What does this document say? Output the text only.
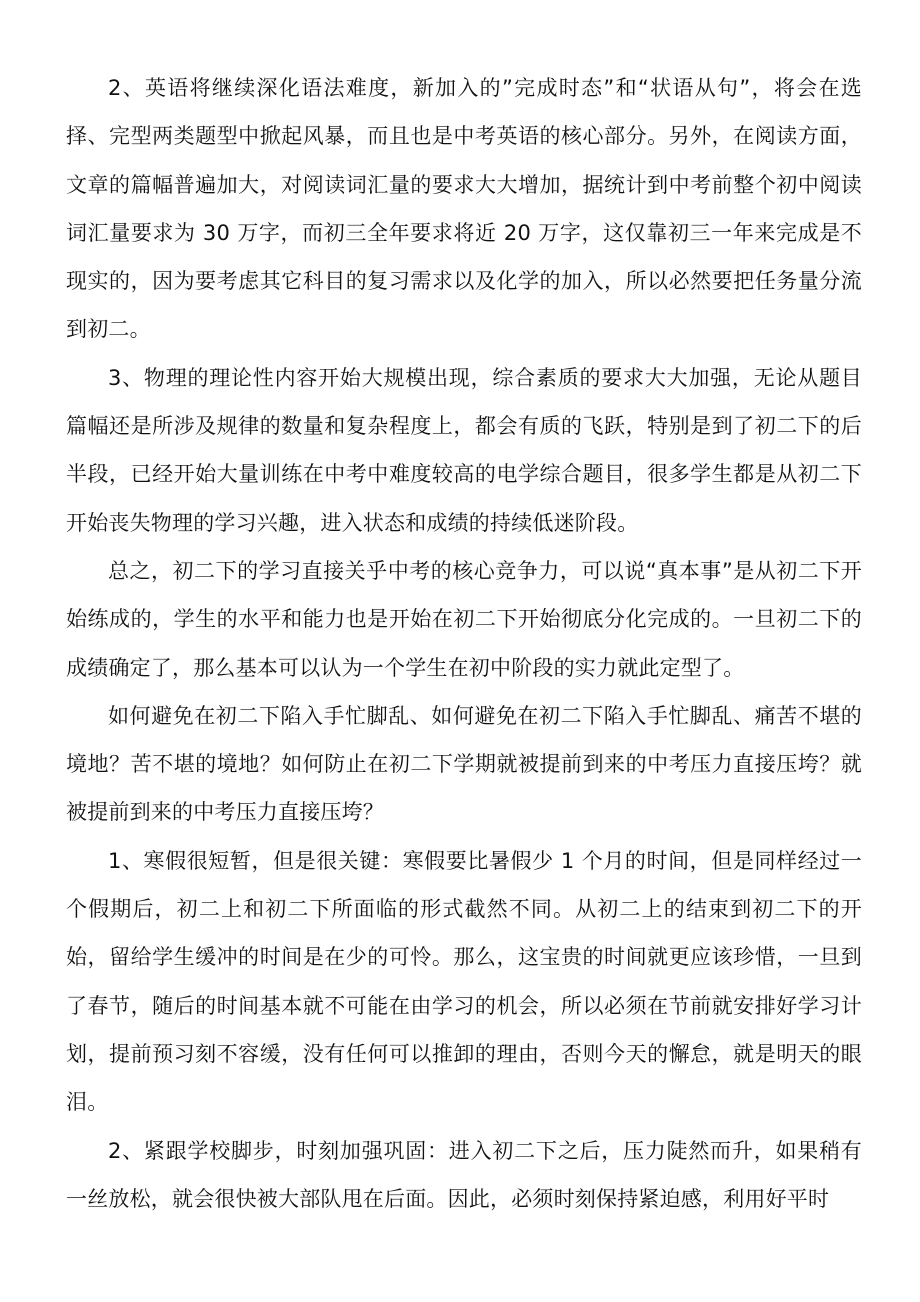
2、英语将继续深化语法难度，新加入的”完成时态”和“状语从句”，将会在选择、完型两类题型中掀起风暴，而且也是中考英语的核心部分。另外，在阅读方面，文章的篇幅普遍加大，对阅读词汇量的要求大大增加，据统计到中考前整个初中阅读词汇量要求为 30 万字，而初三全年要求将近 20 万字，这仅靠初三一年来完成是不现实的，因为要考虑其它科目的复习需求以及化学的加入，所以必然要把任务量分流到初二。

3、物理的理论性内容开始大规模出现，综合素质的要求大大加强，无论从题目篇幅还是所涉及规律的数量和复杂程度上，都会有质的飞跃，特别是到了初二下的后半段，已经开始大量训练在中考中难度较高的电学综合题目，很多学生都是从初二下开始丧失物理的学习兴趣，进入状态和成绩的持续低迷阶段。

总之，初二下的学习直接关乎中考的核心竞争力，可以说“真本事”是从初二下开始练成的，学生的水平和能力也是开始在初二下开始彻底分化完成的。一旦初二下的成绩确定了，那么基本可以认为一个学生在初中阶段的实力就此定型了。

如何避免在初二下陷入手忙脚乱、如何避免在初二下陷入手忙脚乱、痛苦不堪的境地？苦不堪的境地？如何防止在初二下学期就被提前到来的中考压力直接压垮？就被提前到来的中考压力直接压垮？

1、寒假很短暂，但是很关键：寒假要比暑假少 1 个月的时间，但是同样经过一个假期后，初二上和初二下所面临的形式截然不同。从初二上的结束到初二下的开始，留给学生缓冲的时间是在少的可怜。那么，这宝贵的时间就更应该珍惜，一旦到了春节，随后的时间基本就不可能在由学习的机会，所以必须在节前就安排好学习计划，提前预习刻不容缓，没有任何可以推卸的理由，否则今天的懈怠，就是明天的眼泪。

2、紧跟学校脚步，时刻加强巩固：进入初二下之后，压力陡然而升，如果稍有一丝放松，就会很快被大部队甩在后面。因此，必须时刻保持紧迫感，利用好平时
